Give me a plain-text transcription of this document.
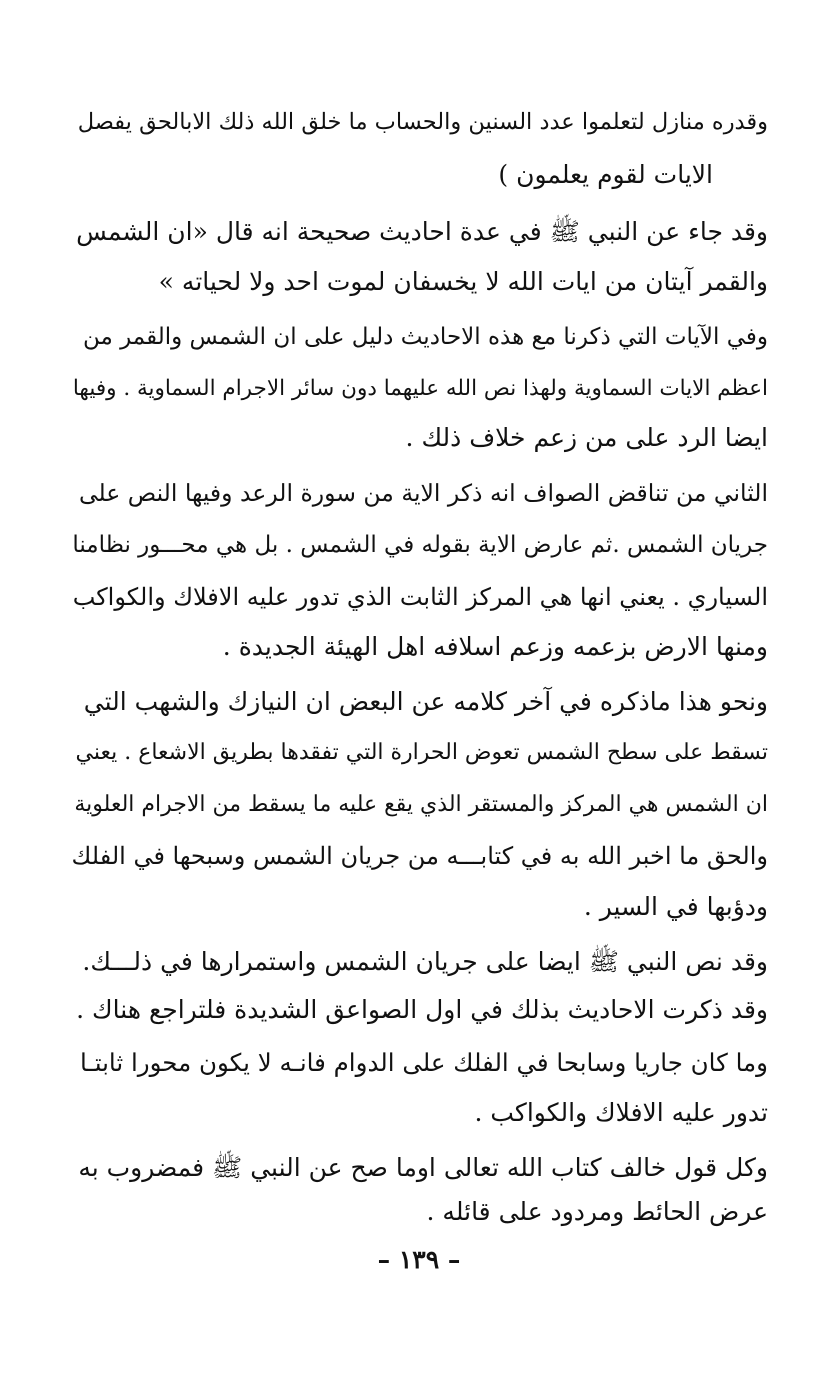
وقدره منازل لتعلموا عدد السنين والحساب ما خلق الله ذلك الابالحق يفصل
الايات لقوم يعلمون )
وقد جاء عن النبي ﷺ في عدة احاديث صحيحة انه قال «ان الشمس
والقمر آيتان من ايات الله لا يخسفان لموت احد ولا لحياته »
وفي الآيات التي ذكرنا مع هذه الاحاديث دليل على ان الشمس والقمر من
اعظم الايات السماوية ولهذا نص الله عليهما دون سائر الاجرام السماوية . وفيها
ايضا الرد على من زعم خلاف ذلك .
الثاني من تناقض الصواف انه ذكر الاية من سورة الرعد وفيها النص على
جريان الشمس .ثم عارض الاية بقوله في الشمس . بل هي محـــور نظامنا
السياري . يعني انها هي المركز الثابت الذي تدور عليه الافلاك والكواكب
ومنها الارض بزعمه وزعم اسلافه اهل الهيئة الجديدة .
ونحو هذا ماذكره في آخر كلامه عن البعض ان النيازك والشهب التي
تسقط على سطح الشمس تعوض الحرارة التي تفقدها بطريق الاشعاع . يعني
ان الشمس هي المركز والمستقر الذي يقع عليه ما يسقط من الاجرام العلوية
والحق ما اخبر الله به في كتابـــه من جريان الشمس وسبحها في الفلك
ودؤبها في السير .
وقد نص النبي ﷺ ايضا على جريان الشمس واستمرارها في ذلـــك.
وقد ذكرت الاحاديث بذلك في اول الصواعق الشديدة فلتراجع هناك .
وما كان جاريا وسابحا في الفلك على الدوام فانـه لا يكون محورا ثابتـا
تدور عليه الافلاك والكواكب .
وكل قول خالف كتاب الله تعالى اوما صح عن النبي ﷺ فمضروب به
عرض الحائط ومردود على قائله .
– ١٣٩ –
